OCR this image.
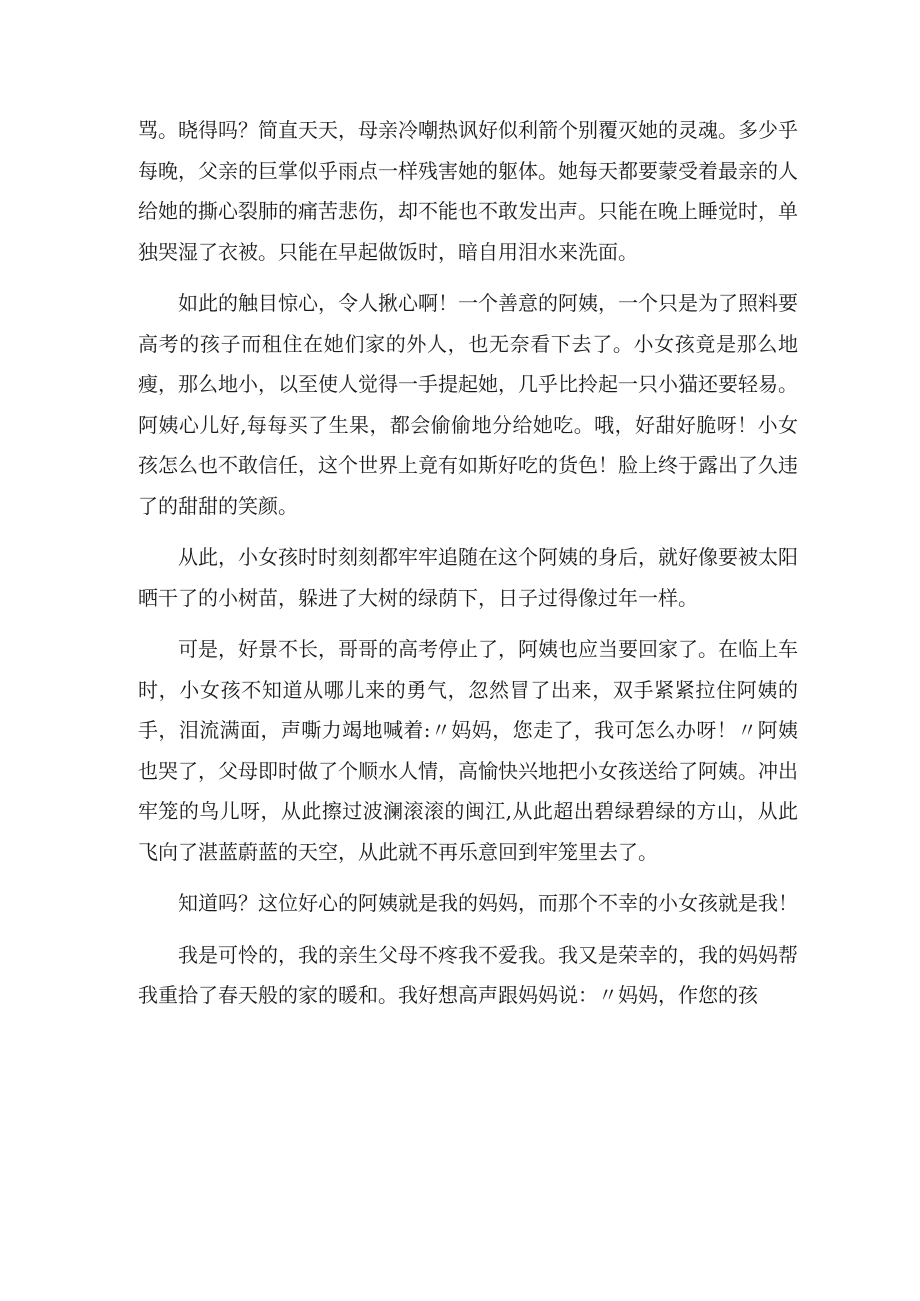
骂。晓得吗？简直天天，母亲冷嘲热讽好似利箭个别覆灭她的灵魂。多少乎每晚，父亲的巨掌似乎雨点一样残害她的躯体。她每天都要蒙受着最亲的人给她的撕心裂肺的痛苦悲伤，却不能也不敢发出声。只能在晚上睡觉时，单独哭湿了衣被。只能在早起做饭时，暗自用泪水来洗面。

如此的触目惊心，令人揪心啊！一个善意的阿姨，一个只是为了照料要高考的孩子而租住在她们家的外人，也无奈看下去了。小女孩竟是那么地瘦，那么地小，以至使人觉得一手提起她，几乎比拎起一只小猫还要轻易。阿姨心儿好,每每买了生果，都会偷偷地分给她吃。哦，好甜好脆呀！小女孩怎么也不敢信任，这个世界上竟有如斯好吃的货色！脸上终于露出了久违了的甜甜的笑颜。

从此，小女孩时时刻刻都牢牢追随在这个阿姨的身后，就好像要被太阳晒干了的小树苗，躲进了大树的绿荫下，日子过得像过年一样。

可是，好景不长，哥哥的高考停止了，阿姨也应当要回家了。在临上车时，小女孩不知道从哪儿来的勇气，忽然冒了出来，双手紧紧拉住阿姨的手，泪流满面，声嘶力竭地喊着:〃妈妈，您走了，我可怎么办呀！〃阿姨也哭了，父母即时做了个顺水人情，高愉快兴地把小女孩送给了阿姨。冲出牢笼的鸟儿呀，从此擦过波澜滚滚的闽江,从此超出碧绿碧绿的方山，从此飞向了湛蓝蔚蓝的天空，从此就不再乐意回到牢笼里去了。

知道吗？这位好心的阿姨就是我的妈妈，而那个不幸的小女孩就是我！

我是可怜的，我的亲生父母不疼我不爱我。我又是荣幸的，我的妈妈帮我重拾了春天般的家的暖和。我好想高声跟妈妈说：〃妈妈，作您的孩
